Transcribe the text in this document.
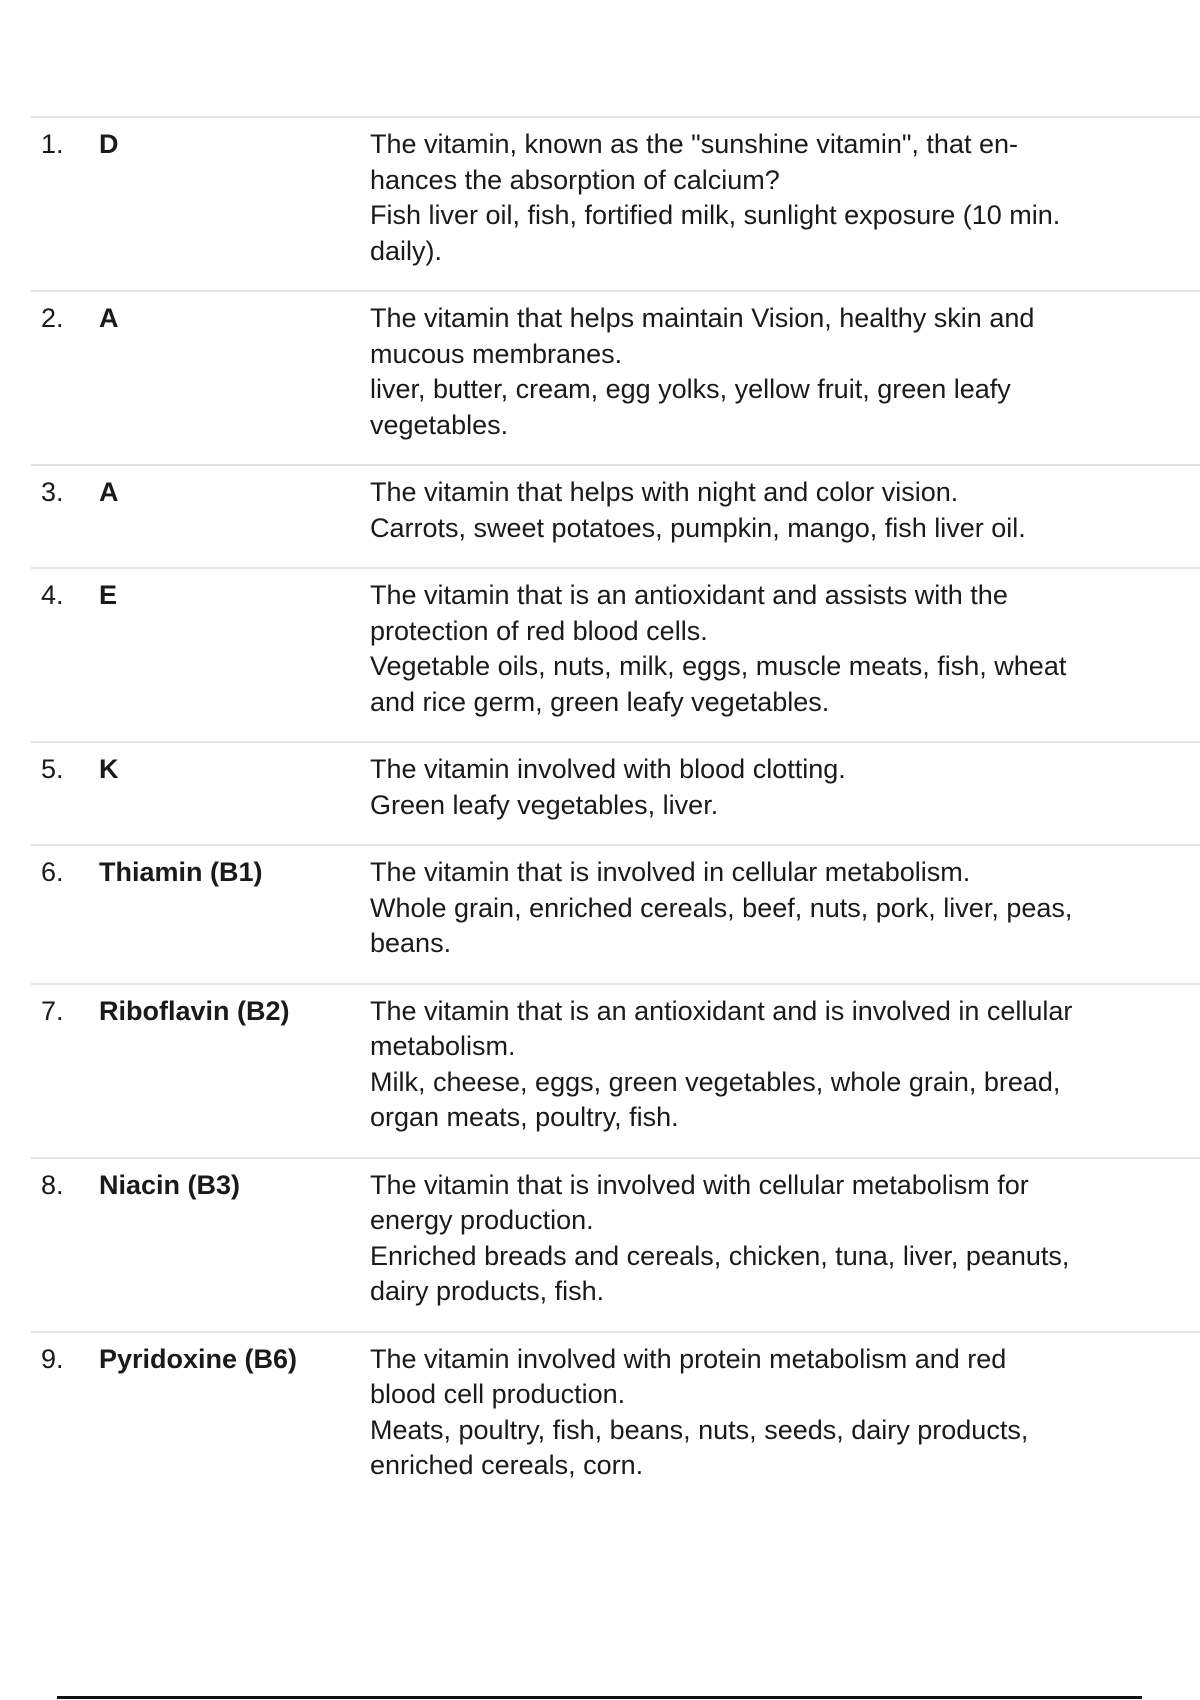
1. D	The vitamin, known as the "sunshine vitamin", that en-
hances the absorption of calcium?
Fish liver oil, fish, fortified milk, sunlight exposure (10 min.
daily).
2. A	The vitamin that helps maintain Vision, healthy skin and
mucous membranes.
liver, butter, cream, egg yolks, yellow fruit, green leafy
vegetables.
3. A	The vitamin that helps with night and color vision.
Carrots, sweet potatoes, pumpkin, mango, fish liver oil.
4. E	The vitamin that is an antioxidant and assists with the
protection of red blood cells.
Vegetable oils, nuts, milk, eggs, muscle meats, fish, wheat
and rice germ, green leafy vegetables.
5. K	The vitamin involved with blood clotting.
Green leafy vegetables, liver.
6. Thiamin (B1)	The vitamin that is involved in cellular metabolism.
Whole grain, enriched cereals, beef, nuts, pork, liver, peas,
beans.
7. Riboflavin (B2)	The vitamin that is an antioxidant and is involved in cellular
metabolism.
Milk, cheese, eggs, green vegetables, whole grain, bread,
organ meats, poultry, fish.
8. Niacin (B3)	The vitamin that is involved with cellular metabolism for
energy production.
Enriched breads and cereals, chicken, tuna, liver, peanuts,
dairy products, fish.
9. Pyridoxine (B6)	The vitamin involved with protein metabolism and red
blood cell production.
Meats, poultry, fish, beans, nuts, seeds, dairy products,
enriched cereals, corn.
